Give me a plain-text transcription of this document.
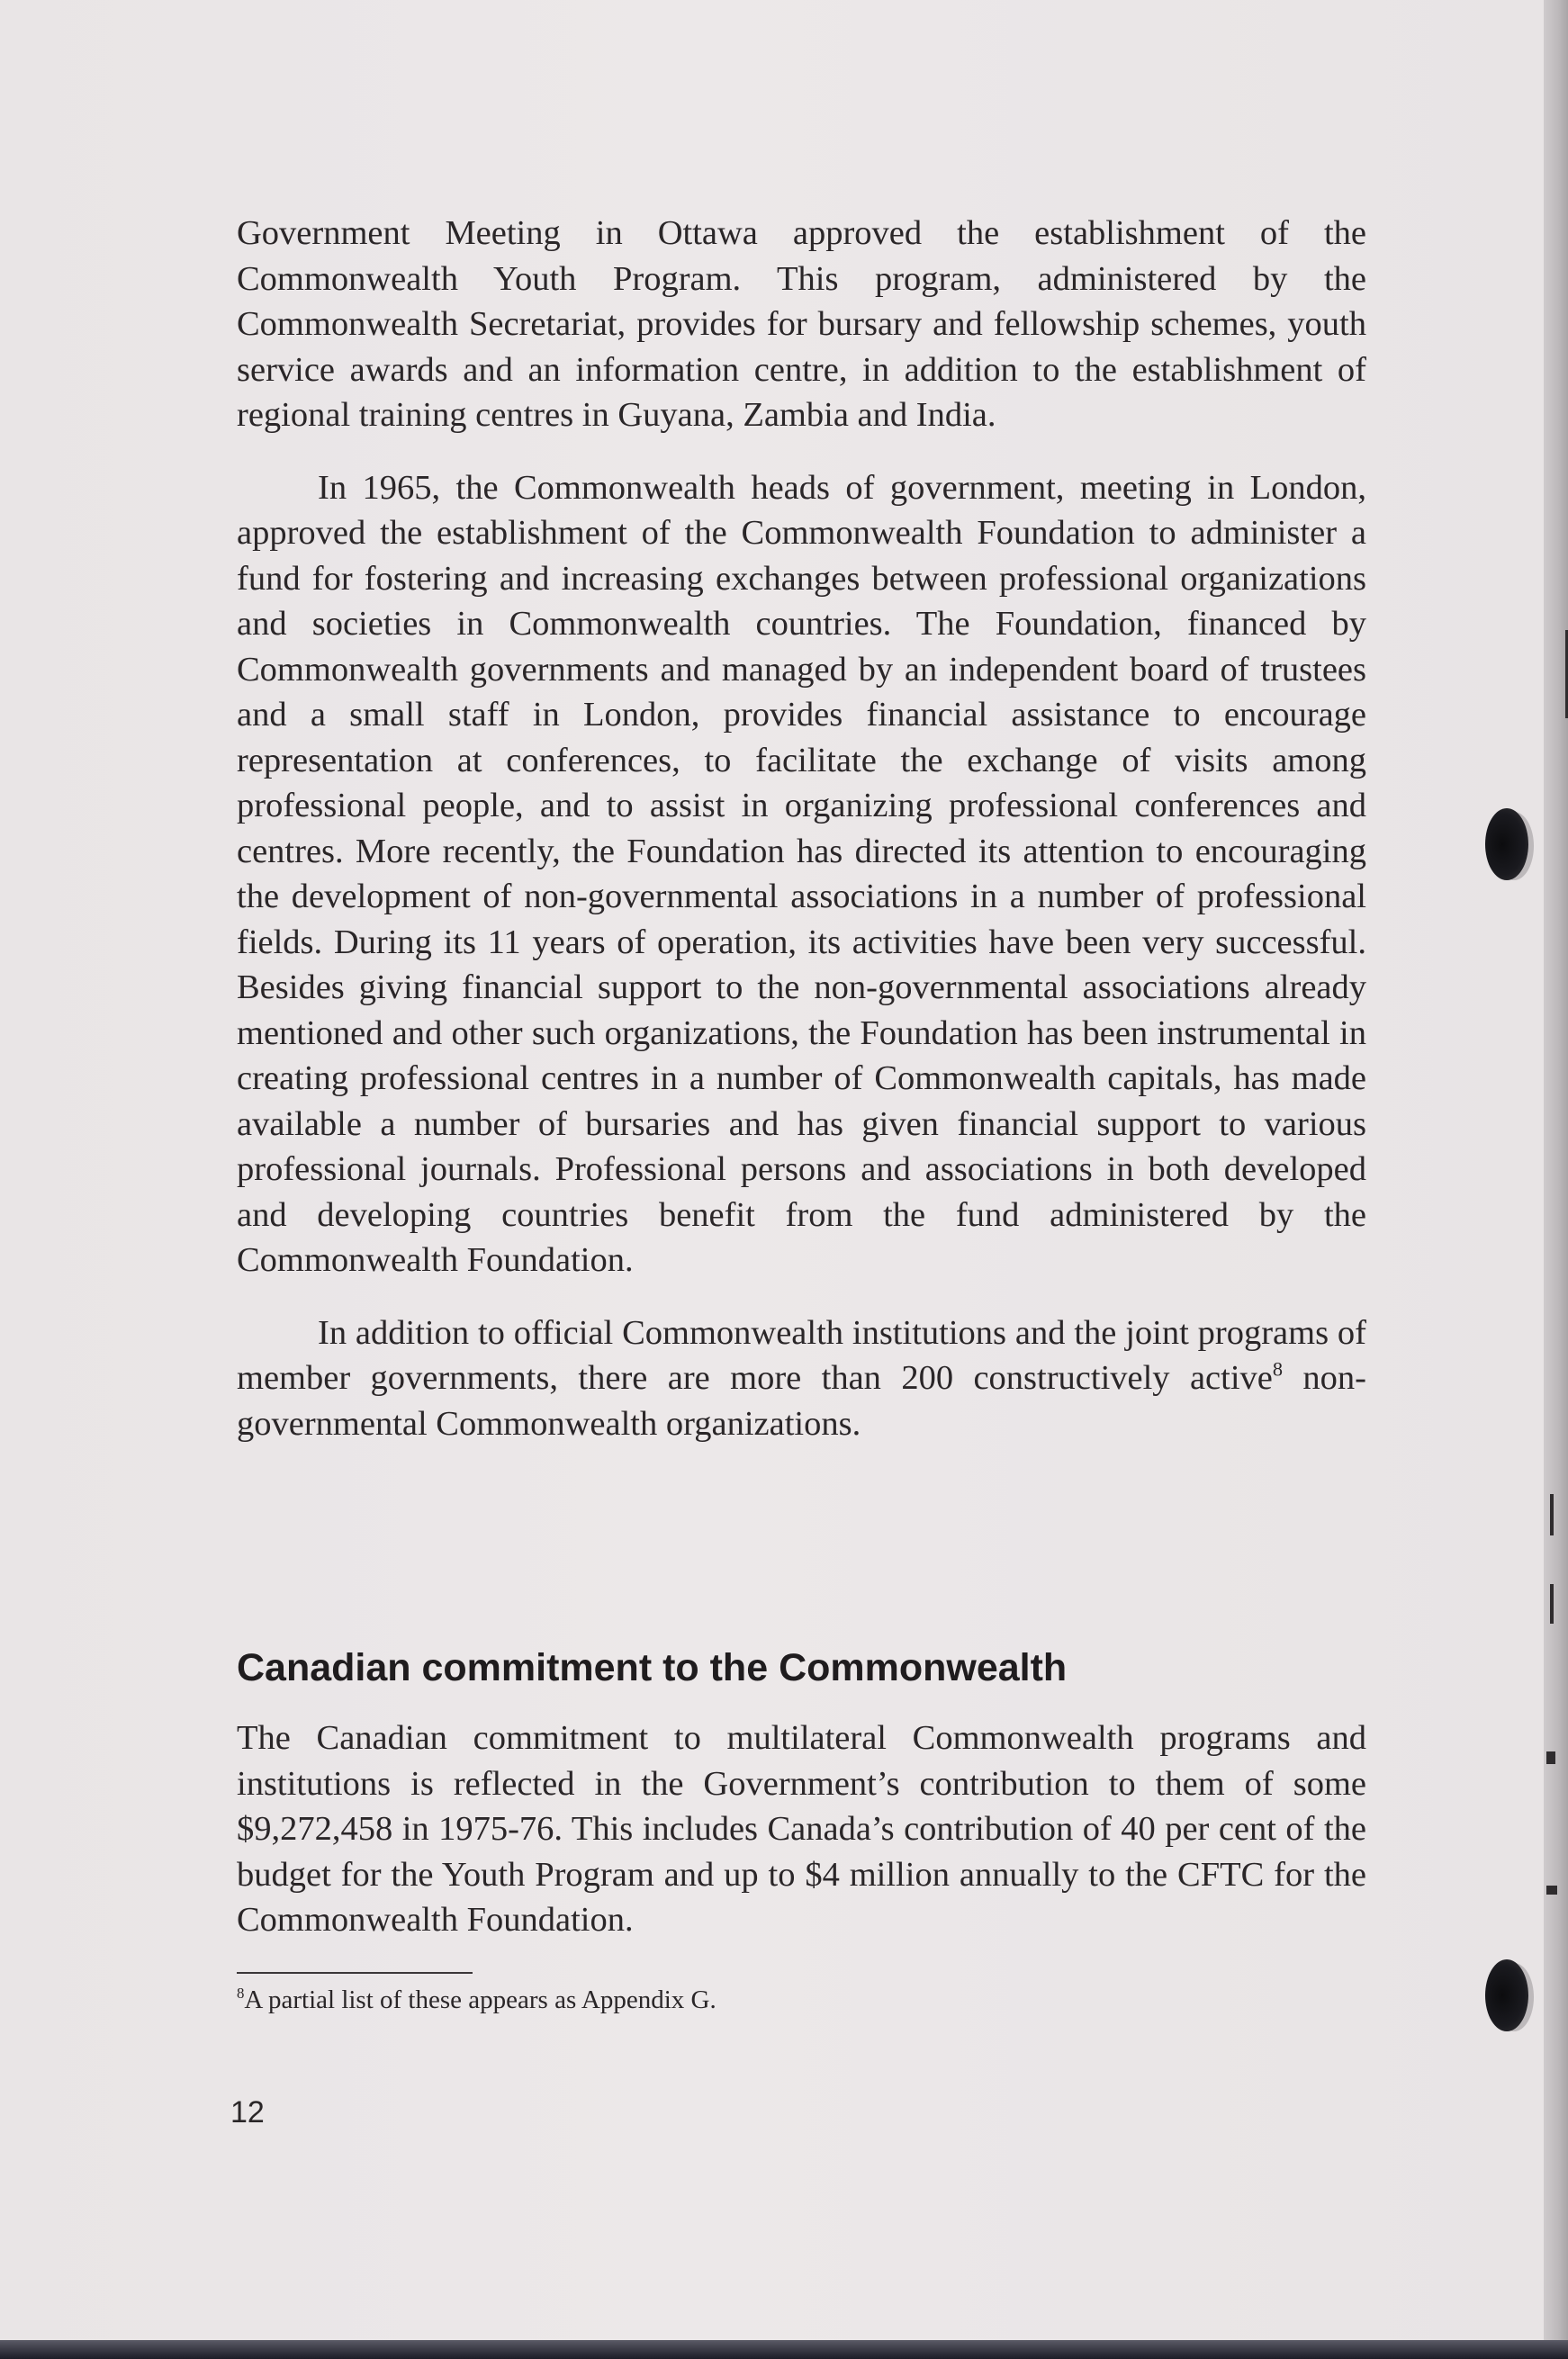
Government Meeting in Ottawa approved the establishment of the Commonwealth Youth Program. This program, administered by the Commonwealth Secretariat, provides for bursary and fellowship schemes, youth service awards and an information centre, in addition to the establishment of regional training centres in Guyana, Zambia and India.

In 1965, the Commonwealth heads of government, meeting in London, approved the establishment of the Commonwealth Foundation to administer a fund for fostering and increasing exchanges between professional organizations and societies in Commonwealth countries. The Foundation, financed by Commonwealth governments and managed by an independent board of trustees and a small staff in London, provides financial assistance to encourage representation at conferences, to facilitate the exchange of visits among professional people, and to assist in organizing professional conferences and centres. More recently, the Foundation has directed its attention to encouraging the development of non-governmental associations in a number of professional fields. During its 11 years of operation, its activities have been very successful. Besides giving financial support to the non-governmental associations already mentioned and other such organizations, the Foundation has been instrumental in creating professional centres in a number of Commonwealth capitals, has made available a number of bursaries and has given financial support to various professional journals. Professional persons and associations in both developed and developing countries benefit from the fund administered by the Commonwealth Foundation.

In addition to official Commonwealth institutions and the joint programs of member governments, there are more than 200 constructively active$^8$ non-governmental Commonwealth organizations.

Canadian commitment to the Commonwealth

The Canadian commitment to multilateral Commonwealth programs and institutions is reflected in the Government’s contribution to them of some $9,272,458 in 1975-76. This includes Canada’s contribution of 40 per cent of the budget for the Youth Program and up to $4 million annually to the CFTC for the Commonwealth Foundation.

$^8$A partial list of these appears as Appendix G.

12
